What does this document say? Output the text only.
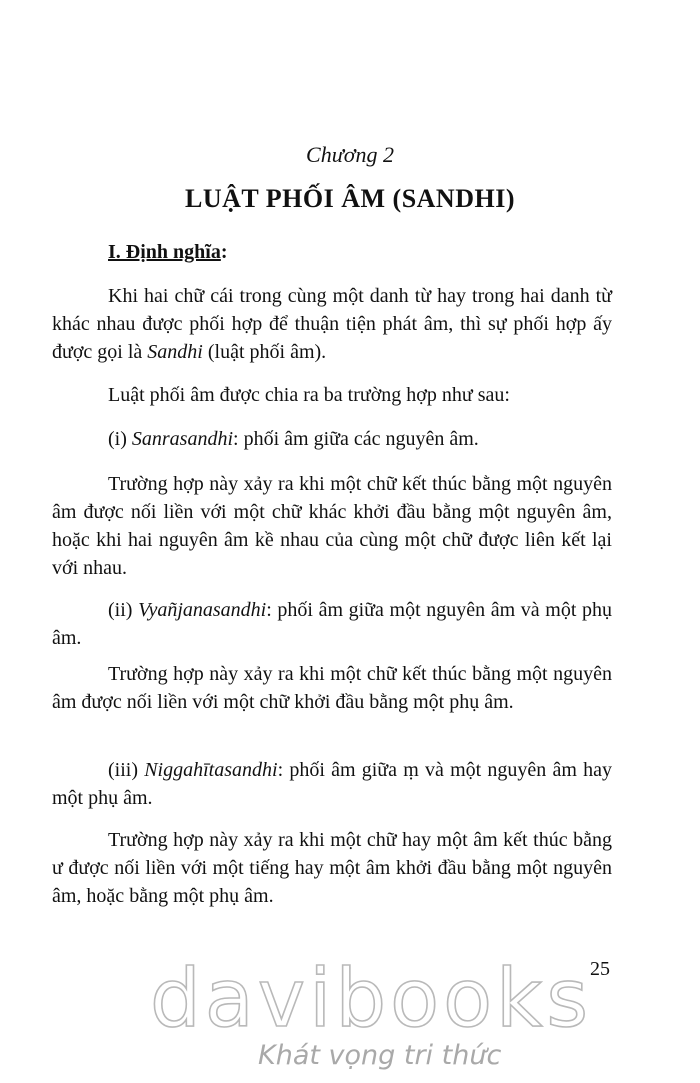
Chương 2
LUẬT PHỐI ÂM (SANDHI)
I. Định nghĩa:
Khi hai chữ cái trong cùng một danh từ hay trong hai danh từ khác nhau được phối hợp để thuận tiện phát âm, thì sự phối hợp ấy được gọi là Sandhi (luật phối âm).
Luật phối âm được chia ra ba trường hợp như sau:
(i) Sanrasandhi: phối âm giữa các nguyên âm.
Trường hợp này xảy ra khi một chữ kết thúc bằng một nguyên âm được nối liền với một chữ khác khởi đầu bằng một nguyên âm, hoặc khi hai nguyên âm kề nhau của cùng một chữ được liên kết lại với nhau.
(ii) Vyañjanasandhi: phối âm giữa một nguyên âm và một phụ âm.
Trường hợp này xảy ra khi một chữ kết thúc bằng một nguyên âm được nối liền với một chữ khởi đầu bằng một phụ âm.
(iii) Niggahītasandhi: phối âm giữa ṃ và một nguyên âm hay một phụ âm.
Trường hợp này xảy ra khi một chữ hay một âm kết thúc bằng ư được nối liền với một tiếng hay một âm khởi đầu bằng một nguyên âm, hoặc bằng một phụ âm.
25
davibooks
Khát vọng tri thức
